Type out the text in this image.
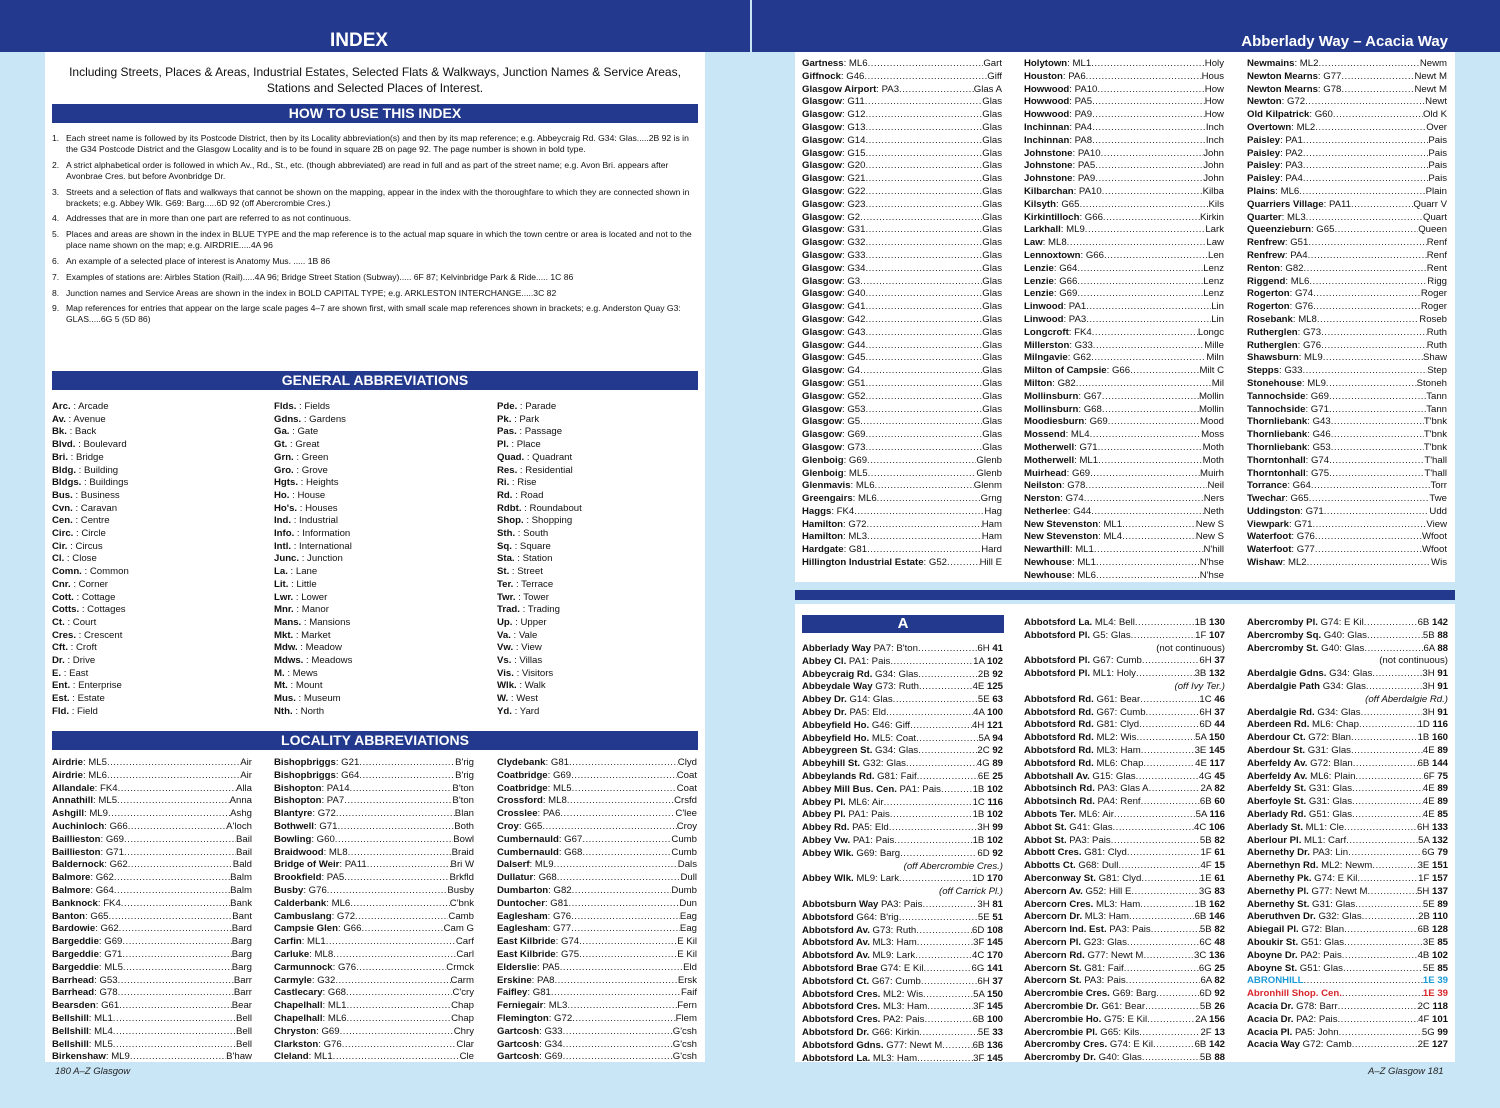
INDEX	Abberlady Way – Acacia Way
Including Streets, Places & Areas, Industrial Estates, Selected Flats & Walkways, Junction Names & Service Areas,
Stations and Selected Places of Interest.
HOW TO USE THIS INDEX
1. Each street name is followed by its Postcode District, then by its Locality abbreviation(s) and then by its map reference; e.g. Abbeycraig Rd. G34: Glas.....2B 92 is in the G34 Postcode District and the Glasgow Locality and is to be found in square 2B on page 92. The page number is shown in bold type.
2. A strict alphabetical order is followed in which Av., Rd., St., etc. (though abbreviated) are read in full and as part of the street name; e.g. Avon Bri. appears after Avonbrae Cres. but before Avonbridge Dr.
3. Streets and a selection of flats and walkways that cannot be shown on the mapping, appear in the index with the thoroughfare to which they are connected shown in brackets; e.g. Abbey Wlk. G69: Barg.....6D 92 (off Abercrombie Cres.)
4. Addresses that are in more than one part are referred to as not continuous.
5. Places and areas are shown in the index in BLUE TYPE and the map reference is to the actual map square in which the town centre or area is located and not to the place name shown on the map; e.g. AIRDRIE.....4A 96
6. An example of a selected place of interest is Anatomy Mus. ..... 1B 86
7. Examples of stations are: Airbles Station (Rail).....4A 96; Bridge Street Station (Subway)..... 6F 87; Kelvinbridge Park & Ride..... 1C 86
8. Junction names and Service Areas are shown in the index in BOLD CAPITAL TYPE; e.g. ARKLESTON INTERCHANGE.....3C 82
9. Map references for entries that appear on the large scale pages 4–7 are shown first, with small scale map references shown in brackets; e.g. Anderston Quay G3: GLAS.....6G 5 (5D 86)
GENERAL ABBREVIATIONS
Arc. : Arcade
Av. : Avenue
Bk. : Back
Blvd. : Boulevard
Bri. : Bridge
Bldg. : Building
Bldgs. : Buildings
Bus. : Business
Cvn. : Caravan
Cen. : Centre
Circ. : Circle
Cir. : Circus
Cl. : Close
Comn. : Common
Cnr. : Corner
Cott. : Cottage
Cotts. : Cottages
Ct. : Court
Cres. : Crescent
Cft. : Croft
Dr. : Drive
E. : East
Ent. : Enterprise
Est. : Estate
Fld. : Field
Flds. : Fields
Gdns. : Gardens
Ga. : Gate
Gt. : Great
Grn. : Green
Gro. : Grove
Hgts. : Heights
Ho. : House
Ho's. : Houses
Ind. : Industrial
Info. : Information
Intl. : International
Junc. : Junction
La. : Lane
Lit. : Little
Lwr. : Lower
Mnr. : Manor
Mans. : Mansions
Mkt. : Market
Mdw. : Meadow
Mdws. : Meadows
M. : Mews
Mt. : Mount
Mus. : Museum
Nth. : North
Pde. : Parade
Pk. : Park
Pas. : Passage
Pl. : Place
Quad. : Quadrant
Res. : Residential
Ri. : Rise
Rd. : Road
Rdbt. : Roundabout
Shop. : Shopping
Sth. : South
Sq. : Square
Sta. : Station
St. : Street
Ter. : Terrace
Twr. : Tower
Trad. : Trading
Up. : Upper
Va. : Vale
Vw. : View
Vs. : Villas
Vis. : Visitors
Wlk. : Walk
W. : West
Yd. : Yard
LOCALITY ABBREVIATIONS
Airdrie: ML5 .....	Air
Airdrie: ML6 .....	Air
Allandale: FK4 .....	Alla
Annathill: ML5 .....	Anna
Ashgill: ML9 .....	Ashg
Auchinloch: G66 .....	A'loch
Baillieston: G69 .....	Bail
Baillieston: G71 .....	Bail
Baldernock: G62 .....	Bald
Balmore: G62 .....	Balm
Balmore: G64 .....	Balm
Banknock: FK4 .....	Bank
Banton: G65 .....	Bant
Bardowie: G62 .....	Bard
Bargeddie: G69 .....	Barg
Bargeddie: G71 .....	Barg
Bargeddie: ML5 .....	Barg
Barrhead: G53 .....	Barr
Barrhead: G78 .....	Barr
Bearsden: G61 .....	Bear
Bellshill: ML1 .....	Bell
Bellshill: ML4 .....	Bell
Bellshill: ML5 .....	Bell
Birkenshaw: ML9 .....	B'haw
Bishopbriggs: G21 .....	B'rig
Bishopbriggs: G64 .....	B'rig
Bishopton: PA14 .....	B'ton
Bishopton: PA7 .....	B'ton
Blantyre: G72 .....	Blan
Bothwell: G71 .....	Both
Bowling: G60 .....	Bowl
Braidwood: ML8 .....	Braid
Bridge of Weir: PA11 .....	Bri W
Brookfield: PA5 .....	Brkfld
Busby: G76 .....	Busby
Calderbank: ML6 .....	C'bnk
Cambuslang: G72 .....	Camb
Campsie Glen: G66 .....	Cam G
Carfin: ML1 .....	Carf
Carluke: ML8 .....	Carl
Carmunnock: G76 .....	Crmck
Carmyle: G32 .....	Carm
Castlecary: G68 .....	C'cry
Chapelhall: ML1 .....	Chap
Chapelhall: ML6 .....	Chap
Chryston: G69 .....	Chry
Clarkston: G76 .....	Clar
Cleland: ML1 .....	Cle
Clydebank: G81 .....	Clyd
Coatbridge: G69 .....	Coat
Coatbridge: ML5 .....	Coat
Crossford: ML8 .....	Crsfd
Crosslee: PA6 .....	C'lee
Croy: G65 .....	Croy
Cumbernauld: G67 .....	Cumb
Cumbernauld: G68 .....	Cumb
Dalserf: ML9 .....	Dals
Dullatur: G68 .....	Dull
Dumbarton: G82 .....	Dumb
Duntocher: G81 .....	Dun
Eaglesham: G76 .....	Eag
Eaglesham: G77 .....	Eag
East Kilbride: G74 .....	E Kil
East Kilbride: G75 .....	E Kil
Elderslie: PA5 .....	Eld
Erskine: PA8 .....	Ersk
Faifley: G81 .....	Faif
Ferniegair: ML3 .....	Fern
Flemington: G72 .....	Flem
Gartcosh: G33 .....	G'csh
Gartcosh: G34 .....	G'csh
Gartcosh: G69 .....	G'csh
Gartness: ML6 .....	Gart
Giffnock: G46 .....	Giff
Glasgow Airport: PA3 .....	Glas A
Glasgow: G11 .....	Glas
Glasgow: G12 .....	Glas
Glasgow: G13 .....	Glas
Glasgow: G14 .....	Glas
Glasgow: G15 .....	Glas
Glasgow: G20 .....	Glas
Glasgow: G21 .....	Glas
Glasgow: G22 .....	Glas
Glasgow: G23 .....	Glas
Glasgow: G2 .....	Glas
Glasgow: G31 .....	Glas
Glasgow: G32 .....	Glas
Glasgow: G33 .....	Glas
Glasgow: G34 .....	Glas
Glasgow: G3 .....	Glas
Glasgow: G40 .....	Glas
Glasgow: G41 .....	Glas
Glasgow: G42 .....	Glas
Glasgow: G43 .....	Glas
Glasgow: G44 .....	Glas
Glasgow: G45 .....	Glas
Glasgow: G4 .....	Glas
Glasgow: G51 .....	Glas
Glasgow: G52 .....	Glas
Glasgow: G53 .....	Glas
Glasgow: G5 .....	Glas
Glasgow: G69 .....	Glas
Glasgow: G73 .....	Glas
Glenboig: G69 .....	Glenb
Glenboig: ML5 .....	Glenb
Glenmavis: ML6 .....	Glenm
Greengairs: ML6 .....	Grng
Haggs: FK4 .....	Hag
Hamilton: G72 .....	Ham
Hamilton: ML3 .....	Ham
Hardgate: G81 .....	Hard
Hillington Industrial Estate: G52 .....	Hill E
Holytown: ML1 .....	Holy
Houston: PA6 .....	Hous
Howwood: PA10 .....	How
Howwood: PA5 .....	How
Howwood: PA9 .....	How
Inchinnan: PA4 .....	Inch
Inchinnan: PA8 .....	Inch
Johnstone: PA10 .....	John
Johnstone: PA5 .....	John
Johnstone: PA9 .....	John
Kilbarchan: PA10 .....	Kilba
Kilsyth: G65 .....	Kils
Kirkintilloch: G66 .....	Kirkin
Larkhall: ML9 .....	Lark
Law: ML8 .....	Law
Lennoxtown: G66 .....	Len
Lenzie: G64 .....	Lenz
Lenzie: G66 .....	Lenz
Lenzie: G69 .....	Lenz
Linwood: PA1 .....	Lin
Linwood: PA3 .....	Lin
Longcroft: FK4 .....	Longc
Millerston: G33 .....	Mille
Milngavie: G62 .....	Miln
Milton of Campsie: G66 .....	Milt C
Milton: G82 .....	Mil
Mollinsburn: G67 .....	Mollin
Mollinsburn: G68 .....	Mollin
Moodiesburn: G69 .....	Mood
Mossend: ML4 .....	Moss
Motherwell: G71 .....	Moth
Motherwell: ML1 .....	Moth
Muirhead: G69 .....	Muirh
Neilston: G78 .....	Neil
Nerston: G74 .....	Ners
Netherlee: G44 .....	Neth
New Stevenston: ML1 .....	New S
New Stevenston: ML4 .....	New S
Newarthill: ML1 .....	N'hill
Newhouse: ML1 .....	N'hse
Newhouse: ML6 .....	N'hse
Newmains: ML2 .....	Newm
Newton Mearns: G77 .....	Newt M
Newton Mearns: G78 .....	Newt M
Newton: G72 .....	Newt
Old Kilpatrick: G60 .....	Old K
Overtown: ML2 .....	Over
Paisley: PA1 .....	Pais
Paisley: PA2 .....	Pais
Paisley: PA3 .....	Pais
Paisley: PA4 .....	Pais
Plains: ML6 .....	Plain
Quarriers Village: PA11 .....	Quarr V
Quarter: ML3 .....	Quart
Queenzieburn: G65 .....	Queen
Renfrew: G51 .....	Renf
Renfrew: PA4 .....	Renf
Renton: G82 .....	Rent
Riggend: ML6 .....	Rigg
Rogerton: G74 .....	Roger
Rogerton: G76 .....	Roger
Rosebank: ML8 .....	Roseb
Rutherglen: G73 .....	Ruth
Rutherglen: G76 .....	Ruth
Shawsburn: ML9 .....	Shaw
Stepps: G33 .....	Step
Stonehouse: ML9 .....	Stoneh
Tannochside: G69 .....	Tann
Tannochside: G71 .....	Tann
Thornliebank: G43 .....	T'bnk
Thornliebank: G46 .....	T'bnk
Thornliebank: G53 .....	T'bnk
Thorntonhall: G74 .....	T'hall
Thorntonhall: G75 .....	T'hall
Torrance: G64 .....	Torr
Twechar: G65 .....	Twe
Uddingston: G71 .....	Udd
Viewpark: G71 .....	View
Waterfoot: G76 .....	Wfoot
Waterfoot: G77 .....	Wfoot
Wishaw: ML2 .....	Wis
A
Abberlady Way PA7: B'ton .....	6H 41
Abbey Cl. PA1: Pais .....	1A 102
Abbeycraig Rd. G34: Glas .....	2B 92
Abbeydale Way G73: Ruth .....	4E 125
Abbey Dr. G14: Glas .....	5E 63
Abbey Dr. PA5: Eld .....	4A 100
Abbeyfield Ho. G46: Giff .....	4H 121
Abbeyfield Ho. ML5: Coat .....	5A 94
Abbeygreen St. G34: Glas .....	2C 92
Abbeyhill St. G32: Glas .....	4G 89
Abbeylands Rd. G81: Faif .....	6E 25
Abbey Mill Bus. Cen. PA1: Pais .....	1B 102
Abbey Pl. ML6: Air .....	1C 116
Abbey Pl. PA1: Pais .....	1B 102
Abbey Rd. PA5: Eld .....	3H 99
Abbey Vw. PA1: Pais .....	1B 102
Abbey Wlk. G69: Barg .....	6D 92
(off Abercrombie Cres.)
Abbey Wlk. ML9: Lark .....	1D 170
(off Carrick Pl.)
Abbotsburn Way PA3: Pais .....	3H 81
Abbotsford G64: B'rig .....	5E 51
Abbotsford Av. G73: Ruth .....	6D 108
Abbotsford Av. ML3: Ham .....	3F 145
Abbotsford Av. ML9: Lark .....	4C 170
Abbotsford Brae G74: E Kil .....	6G 141
Abbotsford Ct. G67: Cumb .....	6H 37
Abbotsford Cres. ML2: Wis .....	5A 150
Abbotsford Cres. ML3: Ham .....	3F 145
Abbotsford Cres. PA2: Pais .....	6B 100
Abbotsford Dr. G66: Kirkin .....	5E 33
Abbotsford Gdns. G77: Newt M .....	6B 136
Abbotsford La. ML3: Ham .....	3F 145
Abbotsford La. ML4: Bell .....	1B 130
Abbotsford Pl. G5: Glas .....	1F 107
(not continuous)
Abbotsford Pl. G67: Cumb .....	6H 37
Abbotsford Pl. ML1: Holy .....	3B 132
(off Ivy Ter.)
Abbotsford Rd. G61: Bear .....	1C 46
Abbotsford Rd. G67: Cumb .....	6H 37
Abbotsford Rd. G81: Clyd .....	6D 44
Abbotsford Rd. ML2: Wis .....	5A 150
Abbotsford Rd. ML3: Ham .....	3E 145
Abbotsford Rd. ML6: Chap .....	4E 117
Abbotshall Av. G15: Glas .....	4G 45
Abbotsinch Rd. PA3: Glas A .....	2A 82
Abbotsinch Rd. PA4: Renf .....	6B 60
Abbots Ter. ML6: Air .....	5A 116
Abbot St. G41: Glas .....	4C 106
Abbot St. PA3: Pais .....	5B 82
Abbott Cres. G81: Clyd .....	1F 61
Abbotts Ct. G68: Dull .....	4F 15
Aberconway St. G81: Clyd .....	1E 61
Abercorn Av. G52: Hill E .....	3G 83
Abercorn Cres. ML3: Ham .....	1B 162
Abercorn Dr. ML3: Ham .....	6B 146
Abercorn Ind. Est. PA3: Pais .....	5B 82
Abercorn Pl. G23: Glas .....	6C 48
Abercorn Rd. G77: Newt M .....	3C 136
Abercorn St. G81: Faif .....	6G 25
Abercorn St. PA3: Pais .....	6A 82
Abercrombie Cres. G69: Barg .....	6D 92
Abercrombie Dr. G61: Bear .....	5B 26
Abercrombie Ho. G75: E Kil .....	2A 156
Abercrombie Pl. G65: Kils .....	2F 13
Abercromby Cres. G74: E Kil .....	6B 142
Abercromby Dr. G40: Glas .....	5B 88
Abercromby Pl. G74: E Kil .....	6B 142
Abercromby Sq. G40: Glas .....	5B 88
Abercromby St. G40: Glas .....	6A 88
(not continuous)
Aberdalgie Gdns. G34: Glas .....	3H 91
Aberdalgie Path G34: Glas .....	3H 91
(off Aberdalgie Rd.)
Aberdalgie Rd. G34: Glas .....	3H 91
Aberdeen Rd. ML6: Chap .....	1D 116
Aberdour Ct. G72: Blan .....	1B 160
Aberdour St. G31: Glas .....	4E 89
Aberfeldy Av. G72: Blan .....	6B 144
Aberfeldy Av. ML6: Plain .....	6F 75
Aberfeldy St. G31: Glas .....	4E 89
Aberfoyle St. G31: Glas .....	4E 89
Aberlady Rd. G51: Glas .....	4E 85
Aberlady St. ML1: Cle .....	6H 133
Aberlour Pl. ML1: Carf .....	5A 132
Abernethy Dr. PA3: Lin .....	6G 79
Abernethyn Rd. ML2: Newm .....	3E 151
Abernethy Pk. G74: E Kil .....	1F 157
Abernethy Pl. G77: Newt M .....	5H 137
Abernethy St. G31: Glas .....	5E 89
Aberuthven Dr. G32: Glas .....	2B 110
Abiegail Pl. G72: Blan .....	6B 128
Aboukir St. G51: Glas .....	3E 85
Aboyne Dr. PA2: Pais .....	4B 102
Aboyne St. G51: Glas .....	5E 85
ABRONHILL .....	1E 39
Abronhill Shop. Cen. .....	1E 39
Acacia Dr. G78: Barr .....	2C 118
Acacia Dr. PA2: Pais .....	4F 101
Acacia Pl. PA5: John .....	5G 99
Acacia Way G72: Camb .....	2E 127
180 A–Z Glasgow	A–Z Glasgow 181
